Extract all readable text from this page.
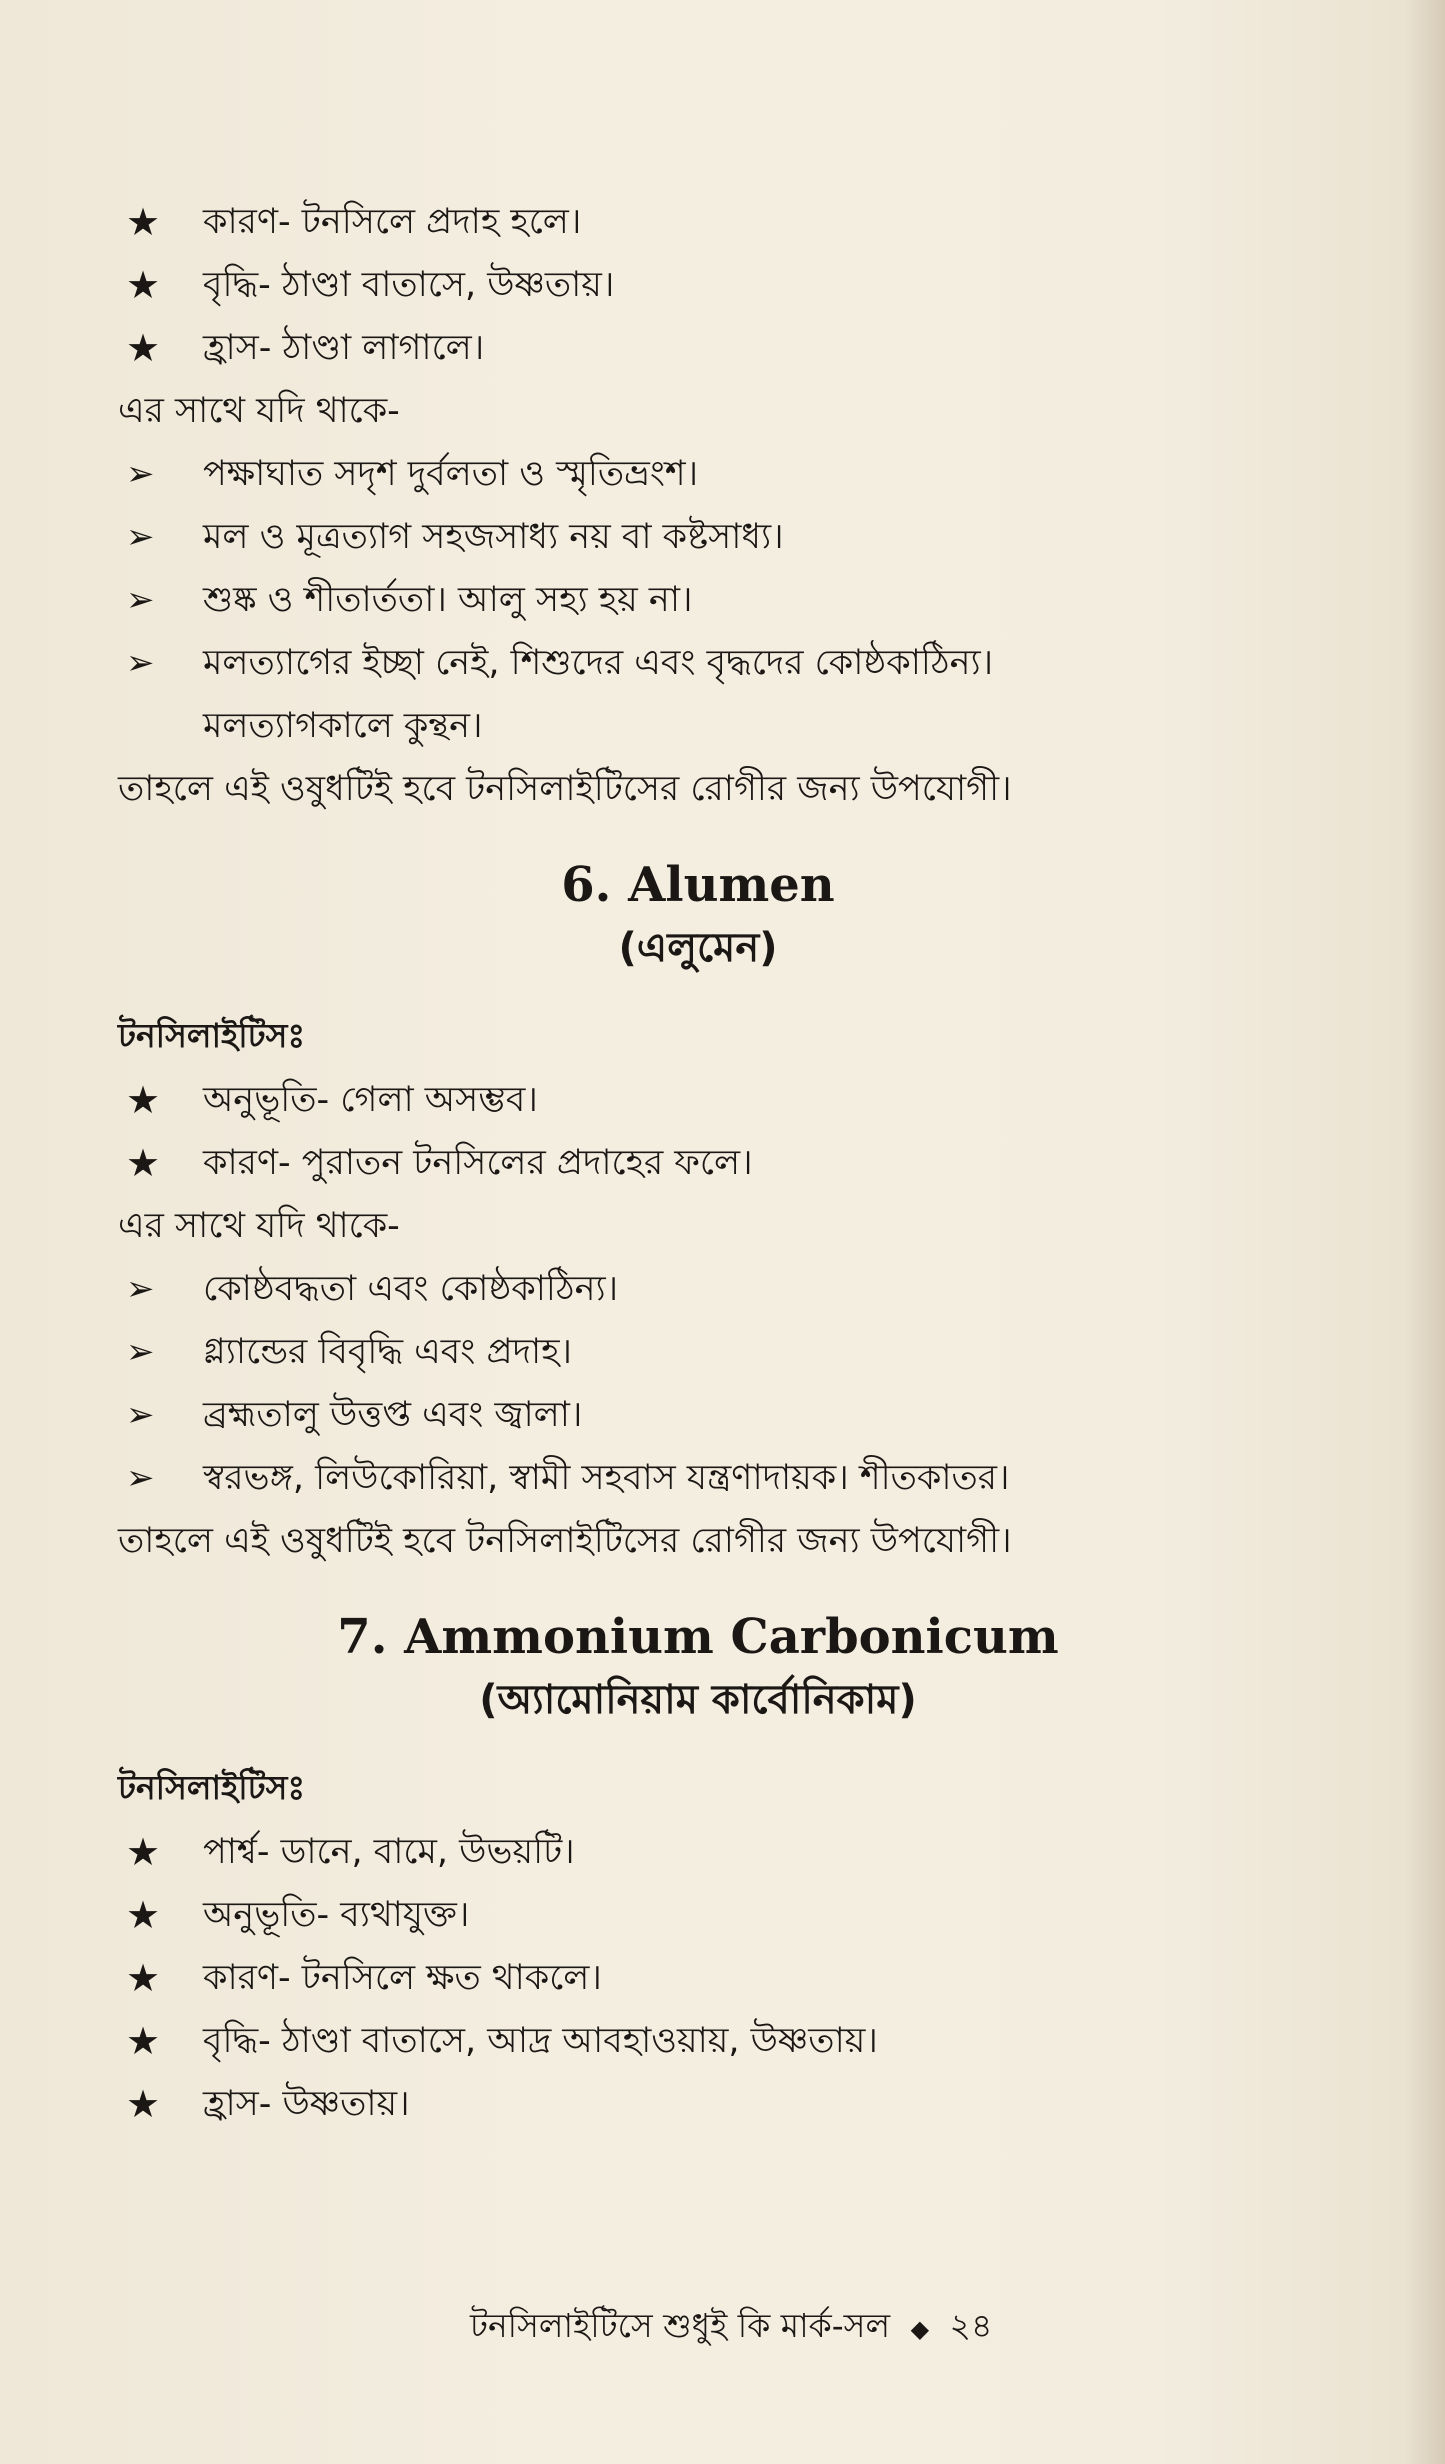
★	কারণ- টনসিলে প্রদাহ হলে।
★	বৃদ্ধি- ঠাণ্ডা বাতাসে, উষ্ণতায়।
★	হ্রাস- ঠাণ্ডা লাগালে।
এর সাথে যদি থাকে-
➢	পক্ষাঘাত সদৃশ দুর্বলতা ও স্মৃতিভ্রংশ।
➢	মল ও মূত্রত্যাগ সহজসাধ্য নয় বা কষ্টসাধ্য।
➢	শুষ্ক ও শীতার্ততা। আলু সহ্য হয় না।
➢	মলত্যাগের ইচ্ছা নেই, শিশুদের এবং বৃদ্ধদের কোষ্ঠকাঠিন্য।
মলত্যাগকালে কুন্থন।
তাহলে এই ওষুধটিই হবে টনসিলাইটিসের রোগীর জন্য উপযোগী।
6. Alumen
(এলুমেন)
টনসিলাইটিসঃ
★	অনুভূতি- গেলা অসম্ভব।
★	কারণ- পুরাতন টনসিলের প্রদাহের ফলে।
এর সাথে যদি থাকে-
➢	কোষ্ঠবদ্ধতা এবং কোষ্ঠকাঠিন্য।
➢	গ্ল্যান্ডের বিবৃদ্ধি এবং প্রদাহ।
➢	ব্রহ্মতালু উত্তপ্ত এবং জ্বালা।
➢	স্বরভঙ্গ, লিউকোরিয়া, স্বামী সহবাস যন্ত্রণাদায়ক। শীতকাতর।
তাহলে এই ওষুধটিই হবে টনসিলাইটিসের রোগীর জন্য উপযোগী।
7. Ammonium Carbonicum
(অ্যামোনিয়াম কার্বোনিকাম)
টনসিলাইটিসঃ
★	পার্শ্ব- ডানে, বামে, উভয়টি।
★	অনুভূতি- ব্যথাযুক্ত।
★	কারণ- টনসিলে ক্ষত থাকলে।
★	বৃদ্ধি- ঠাণ্ডা বাতাসে, আদ্র আবহাওয়ায়, উষ্ণতায়।
★	হ্রাস- উষ্ণতায়।
টনসিলাইটিসে শুধুই কি মার্ক-সল ◆ ২৪
